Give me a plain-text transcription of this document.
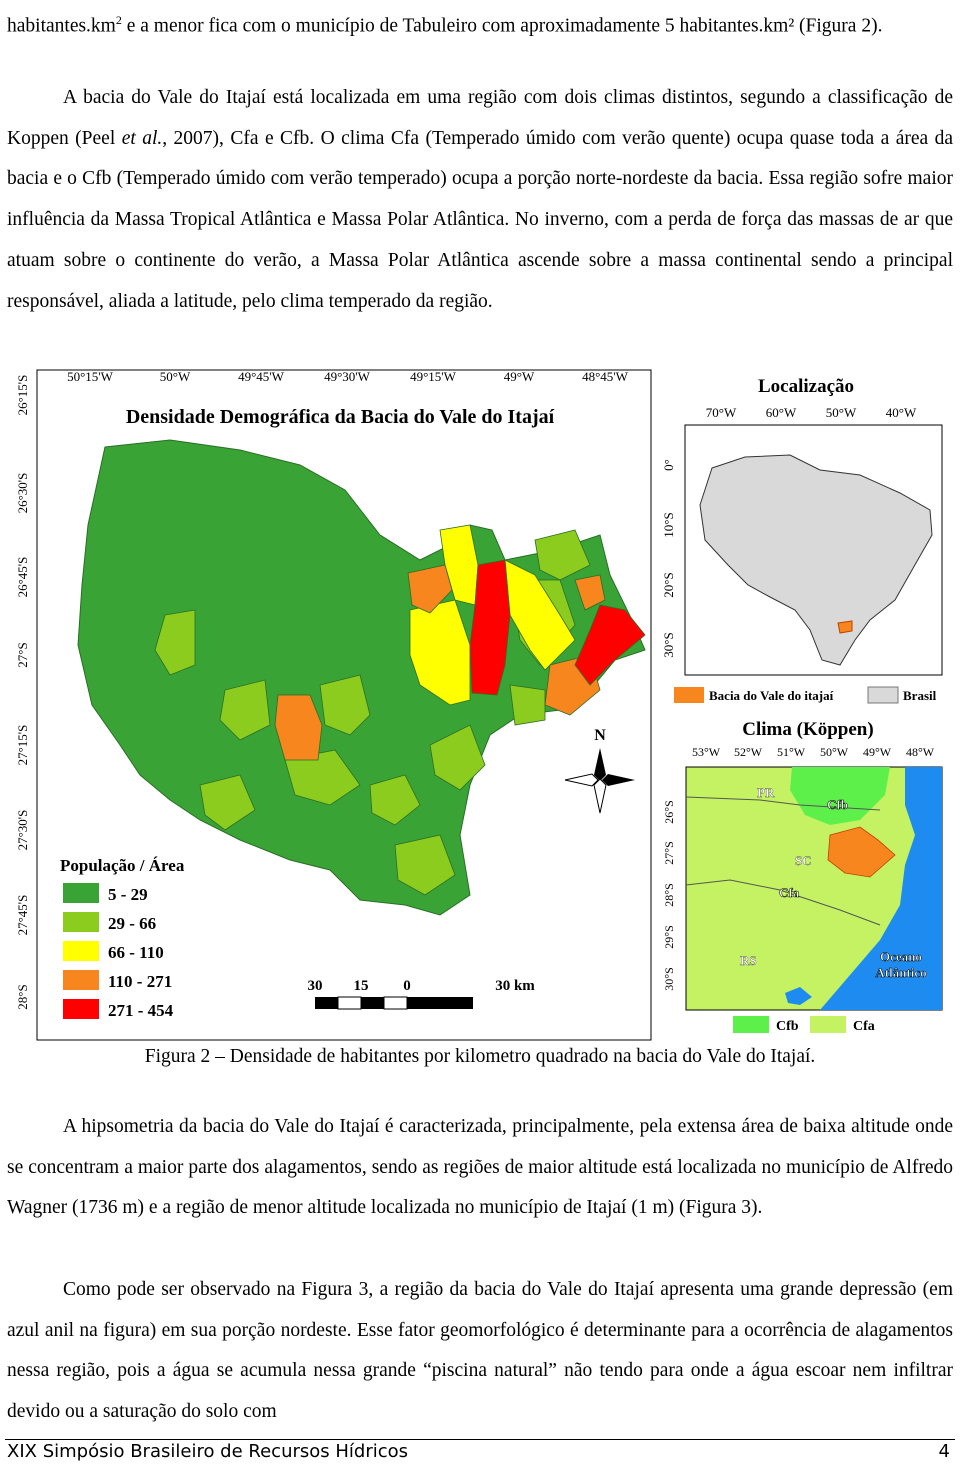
$habitantes.km^2$ e a menor fica com o município de Tabuleiro com aproximadamente 5 habitantes.km² (Figura 2).

A bacia do Vale do Itajaí está localizada em uma região com dois climas distintos, segundo a classificação de Koppen (Peel et al., 2007), Cfa e Cfb. O clima Cfa (Temperado úmido com verão quente) ocupa quase toda a área da bacia e o Cfb (Temperado úmido com verão temperado) ocupa a porção norte-nordeste da bacia. Essa região sofre maior influência da Massa Tropical Atlântica e Massa Polar Atlântica. No inverno, com a perda de força das massas de ar que atuam sobre o continente do verão, a Massa Polar Atlântica ascende sobre a massa continental sendo a principal responsável, aliada a latitude, pelo clima temperado da região.

50°15'W	50°W	49°45'W	49°30'W	49°15'W	49°W	48°45'W
26°15'S
26°30'S
26°45'S
27°S
27°15'S
27°30'S
27°45'S
28°S
Densidade Demográfica da Bacia do Vale do Itajaí
N
População / Área
5 - 29
29 - 66
66 - 110
110 - 271
271 - 454
30 15 0	30 km
Localização
70°W 60°W 50°W 40°W
0°
10°S
20°S
30°S
Bacia do Vale do itajaí	Brasil
Clima (Köppen)
53°W 52°W 51°W 50°W 49°W 48°W
26°S
27°S
28°S
29°S
30°S
PR
SC
RS
Cfb
Cfa
Oceano
Atlântico
Cfb	Cfa
Figura 2 – Densidade de habitantes por kilometro quadrado na bacia do Vale do Itajaí.

A hipsometria da bacia do Vale do Itajaí é caracterizada, principalmente, pela extensa área de baixa altitude onde se concentram a maior parte dos alagamentos, sendo as regiões de maior altitude está localizada no município de Alfredo Wagner (1736 m) e a região de menor altitude localizada no município de Itajaí (1 m) (Figura 3).

Como pode ser observado na Figura 3, a região da bacia do Vale do Itajaí apresenta uma grande depressão (em azul anil na figura) em sua porção nordeste. Esse fator geomorfológico é determinante para a ocorrência de alagamentos nessa região, pois a água se acumula nessa grande “piscina natural” não tendo para onde a água escoar nem infiltrar devido ou a saturação do solo com

XIX Simpósio Brasileiro de Recursos Hídricos	4
